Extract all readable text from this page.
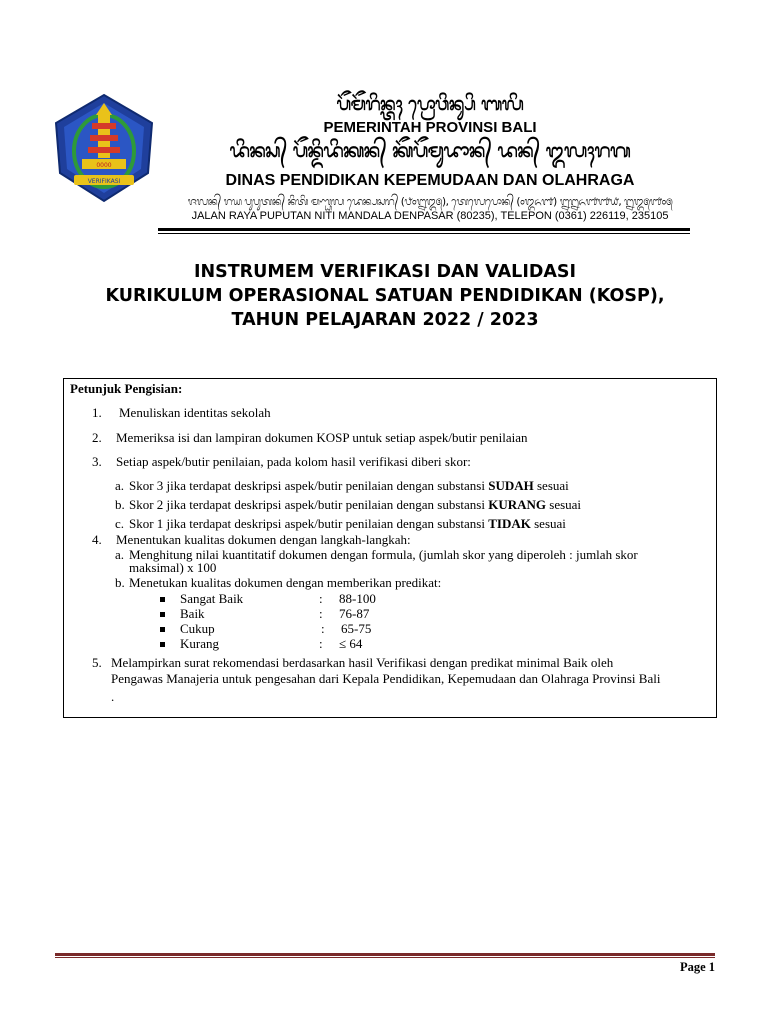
0000
VERIFIKASI
ᬧᭂᬫᭂᬭᬶᬦ᭄ᬢᬄ ᬧ᭄ᬭᭀᬯᬶᬦ᭄ᬲᬶ ᬩᬮᬶ
PEMERINTAH PROVINSI BALI
ᬤᬶᬦᬲ᭄ ᬧᭂᬦ᭄ᬤᬶᬤᬶᬓᬦ᭄ ᬓᭂᬧᭂᬫᬸᬤᬵᬦ᭄ ᬤᬦ᭄ ᬑᬮᬄᬭᬕ
DINAS PENDIDIKAN KEPEMUDAAN DAN OLAHRAGA
ᬚᬮᬦ᭄ ᬭᬬ ᬧᬸᬧᬸᬢᬦ᭄ ᬦᬶᬢᬶ ᬫᬡ᭄ᬟᬮ ᬤᬾᬦ᭄ᬧᬲᬭ᭄ (᭘᭐᭒᭓᭕), ᬢᬾᬮᬾᬧᭀᬦ᭄ (᭐᭓᭖᭑) ᭒᭒᭖᭑᭑᭙, ᭒᭓᭕᭑᭐᭕
JALAN RAYA PUPUTAN NITI MANDALA DENPASAR (80235), TELEPON (0361) 226119, 235105
INSTRUMEM VERIFIKASI DAN VALIDASI
KURIKULUM OPERASIONAL SATUAN PENDIDIKAN (KOSP),
TAHUN PELAJARAN 2022 / 2023
Petunjuk Pengisian:
1. Menuliskan identitas sekolah
2. Memeriksa isi dan lampiran dokumen KOSP untuk setiap aspek/butir penilaian
3. Setiap aspek/butir penilaian, pada kolom hasil verifikasi diberi skor:
a. Skor 3 jika terdapat deskripsi aspek/butir penilaian dengan substansi SUDAH sesuai
b. Skor 2 jika terdapat deskripsi aspek/butir penilaian dengan substansi KURANG sesuai
c. Skor 1 jika terdapat deskripsi aspek/butir penilaian dengan substansi TIDAK sesuai
4. Menentukan kualitas dokumen dengan langkah-langkah:
a. Menghitung nilai kuantitatif dokumen dengan formula, (jumlah skor yang diperoleh : jumlah skor
maksimal) x 100
b. Menetukan kualitas dokumen dengan memberikan predikat:
Sangat Baik	: 88-100
Baik	: 76-87
Cukup	: 65-75
Kurang	: ≤ 64
5. Melampirkan surat rekomendasi berdasarkan hasil Verifikasi dengan predikat minimal Baik oleh
Pengawas Manajeria untuk pengesahan dari Kepala Pendidikan, Kepemudaan dan Olahraga Provinsi Bali
.
Page 1
